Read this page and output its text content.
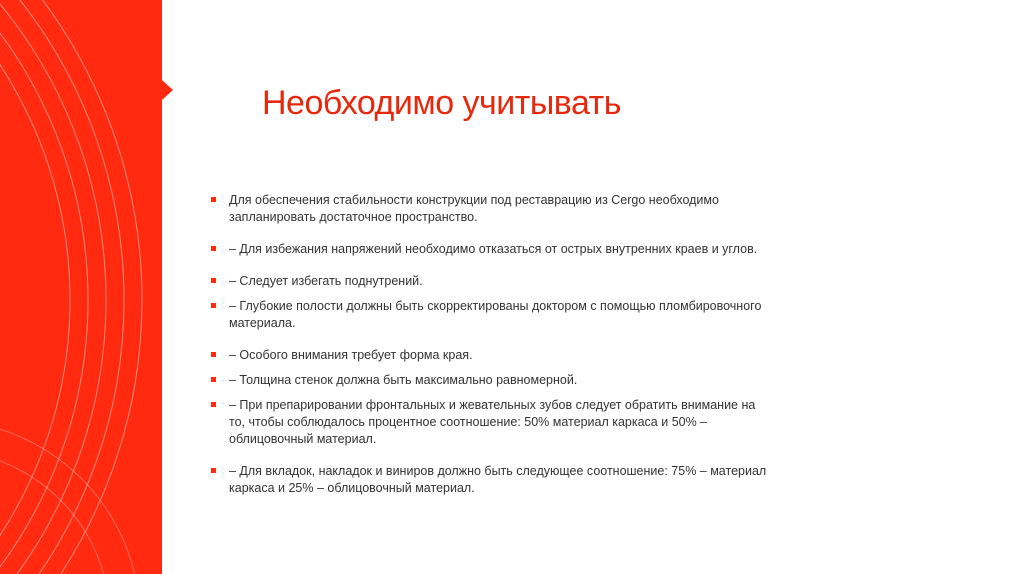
Необходимо учитывать
Для обеспечения стабильности конструкции под реставрацию из Cergo необходимо запланировать достаточное пространство.
– Для избежания напряжений необходимо отказаться от острых внутренних краев и углов.
– Следует избегать поднутрений.
– Глубокие полости должны быть скорректированы доктором с помощью пломбировочного материала.
– Особого внимания требует форма края.
– Толщина стенок должна быть максимально равномерной.
– При препарировании фронтальных и жевательных зубов следует обратить внимание на то, чтобы соблюдалось процентное соотношение: 50% материал каркаса и 50% – облицовочный материал.
– Для вкладок, накладок и виниров должно быть следующее соотношение: 75% – материал каркаса и 25% – облицовочный материал.
